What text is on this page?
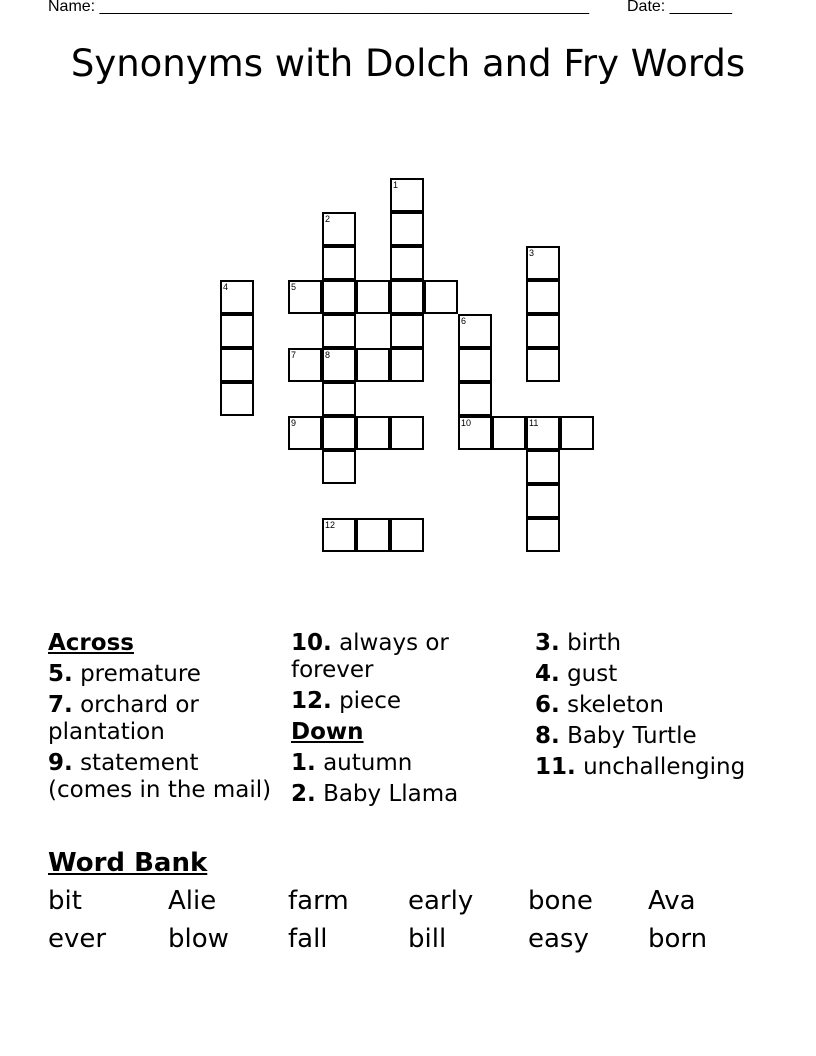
Name: _______________________________________________________ Date: _______
Synonyms with Dolch and Fry Words
1
2
8
3
4	5
6
10
7
9	11
12
Across
5. premature
7. orchard or plantation
9. statement (comes in the mail)
10. always or forever
12. piece
Down
1. autumn
2. Baby Llama
3. birth
4. gust
6. skeleton
8. Baby Turtle
11. unchallenging
Word Bank
bit	Alie	farm early bone Ava
ever blow fall	bill	easy born
